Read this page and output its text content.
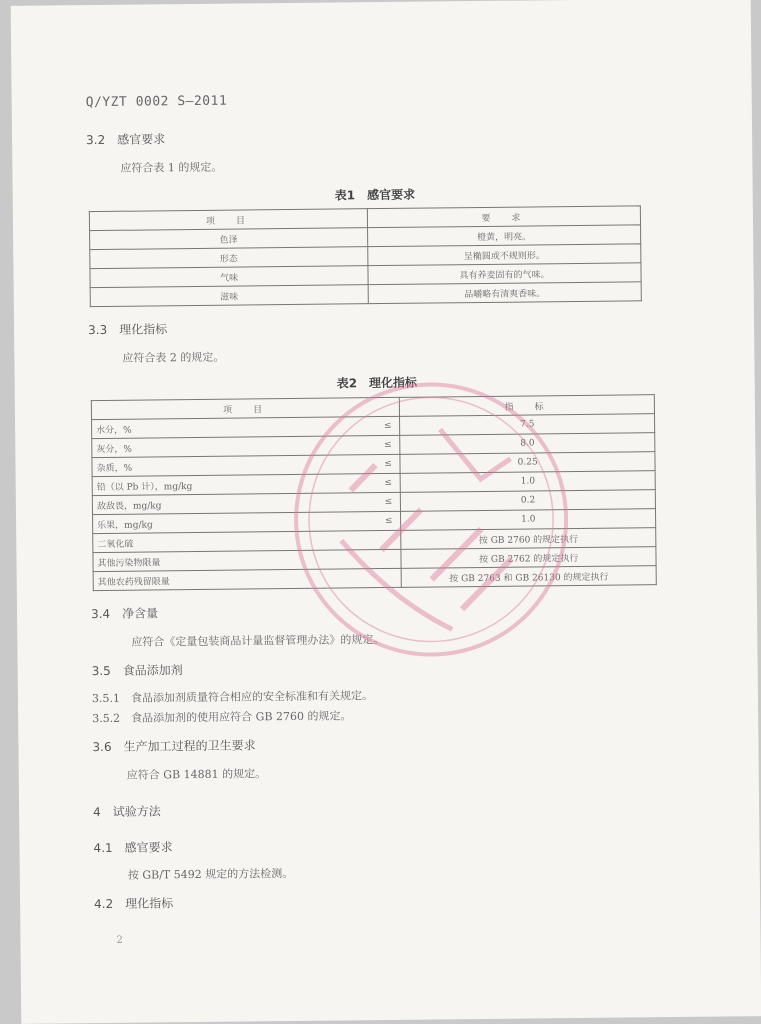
Q/YZT 0002 S—2011
3.2　感官要求
应符合表 1 的规定。
表1　感官要求
项　目	要　求
色泽	橙黄，明亮。
形态	呈椭圆或不规则形。
气味	具有养麦固有的气味。
滋味	品嚼略有清爽香味。
3.3　理化指标
应符合表 2 的规定。
表2　理化指标
项　目		指　标
水分，%	≤	7.5
灰分，%	≤	8.0
杂质，%	≤	0.25
铅（以 Pb 计），mg/kg	≤	1.0
敌敌畏，mg/kg	≤	0.2
乐果，mg/kg	≤	1.0
二氧化硫		按 GB 2760 的规定执行
其他污染物限量		按 GB 2762 的规定执行
其他农药残留限量		按 GB 2763 和 GB 26130 的规定执行
3.4　净含量
应符合《定量包装商品计量监督管理办法》的规定。
3.5　食品添加剂
3.5.1　食品添加剂质量符合相应的安全标准和有关规定。
3.5.2　食品添加剂的使用应符合 GB 2760 的规定。
3.6　生产加工过程的卫生要求
应符合 GB 14881 的规定。
4　试验方法
4.1　感官要求
按 GB/T 5492 规定的方法检测。
4.2　理化指标
2
